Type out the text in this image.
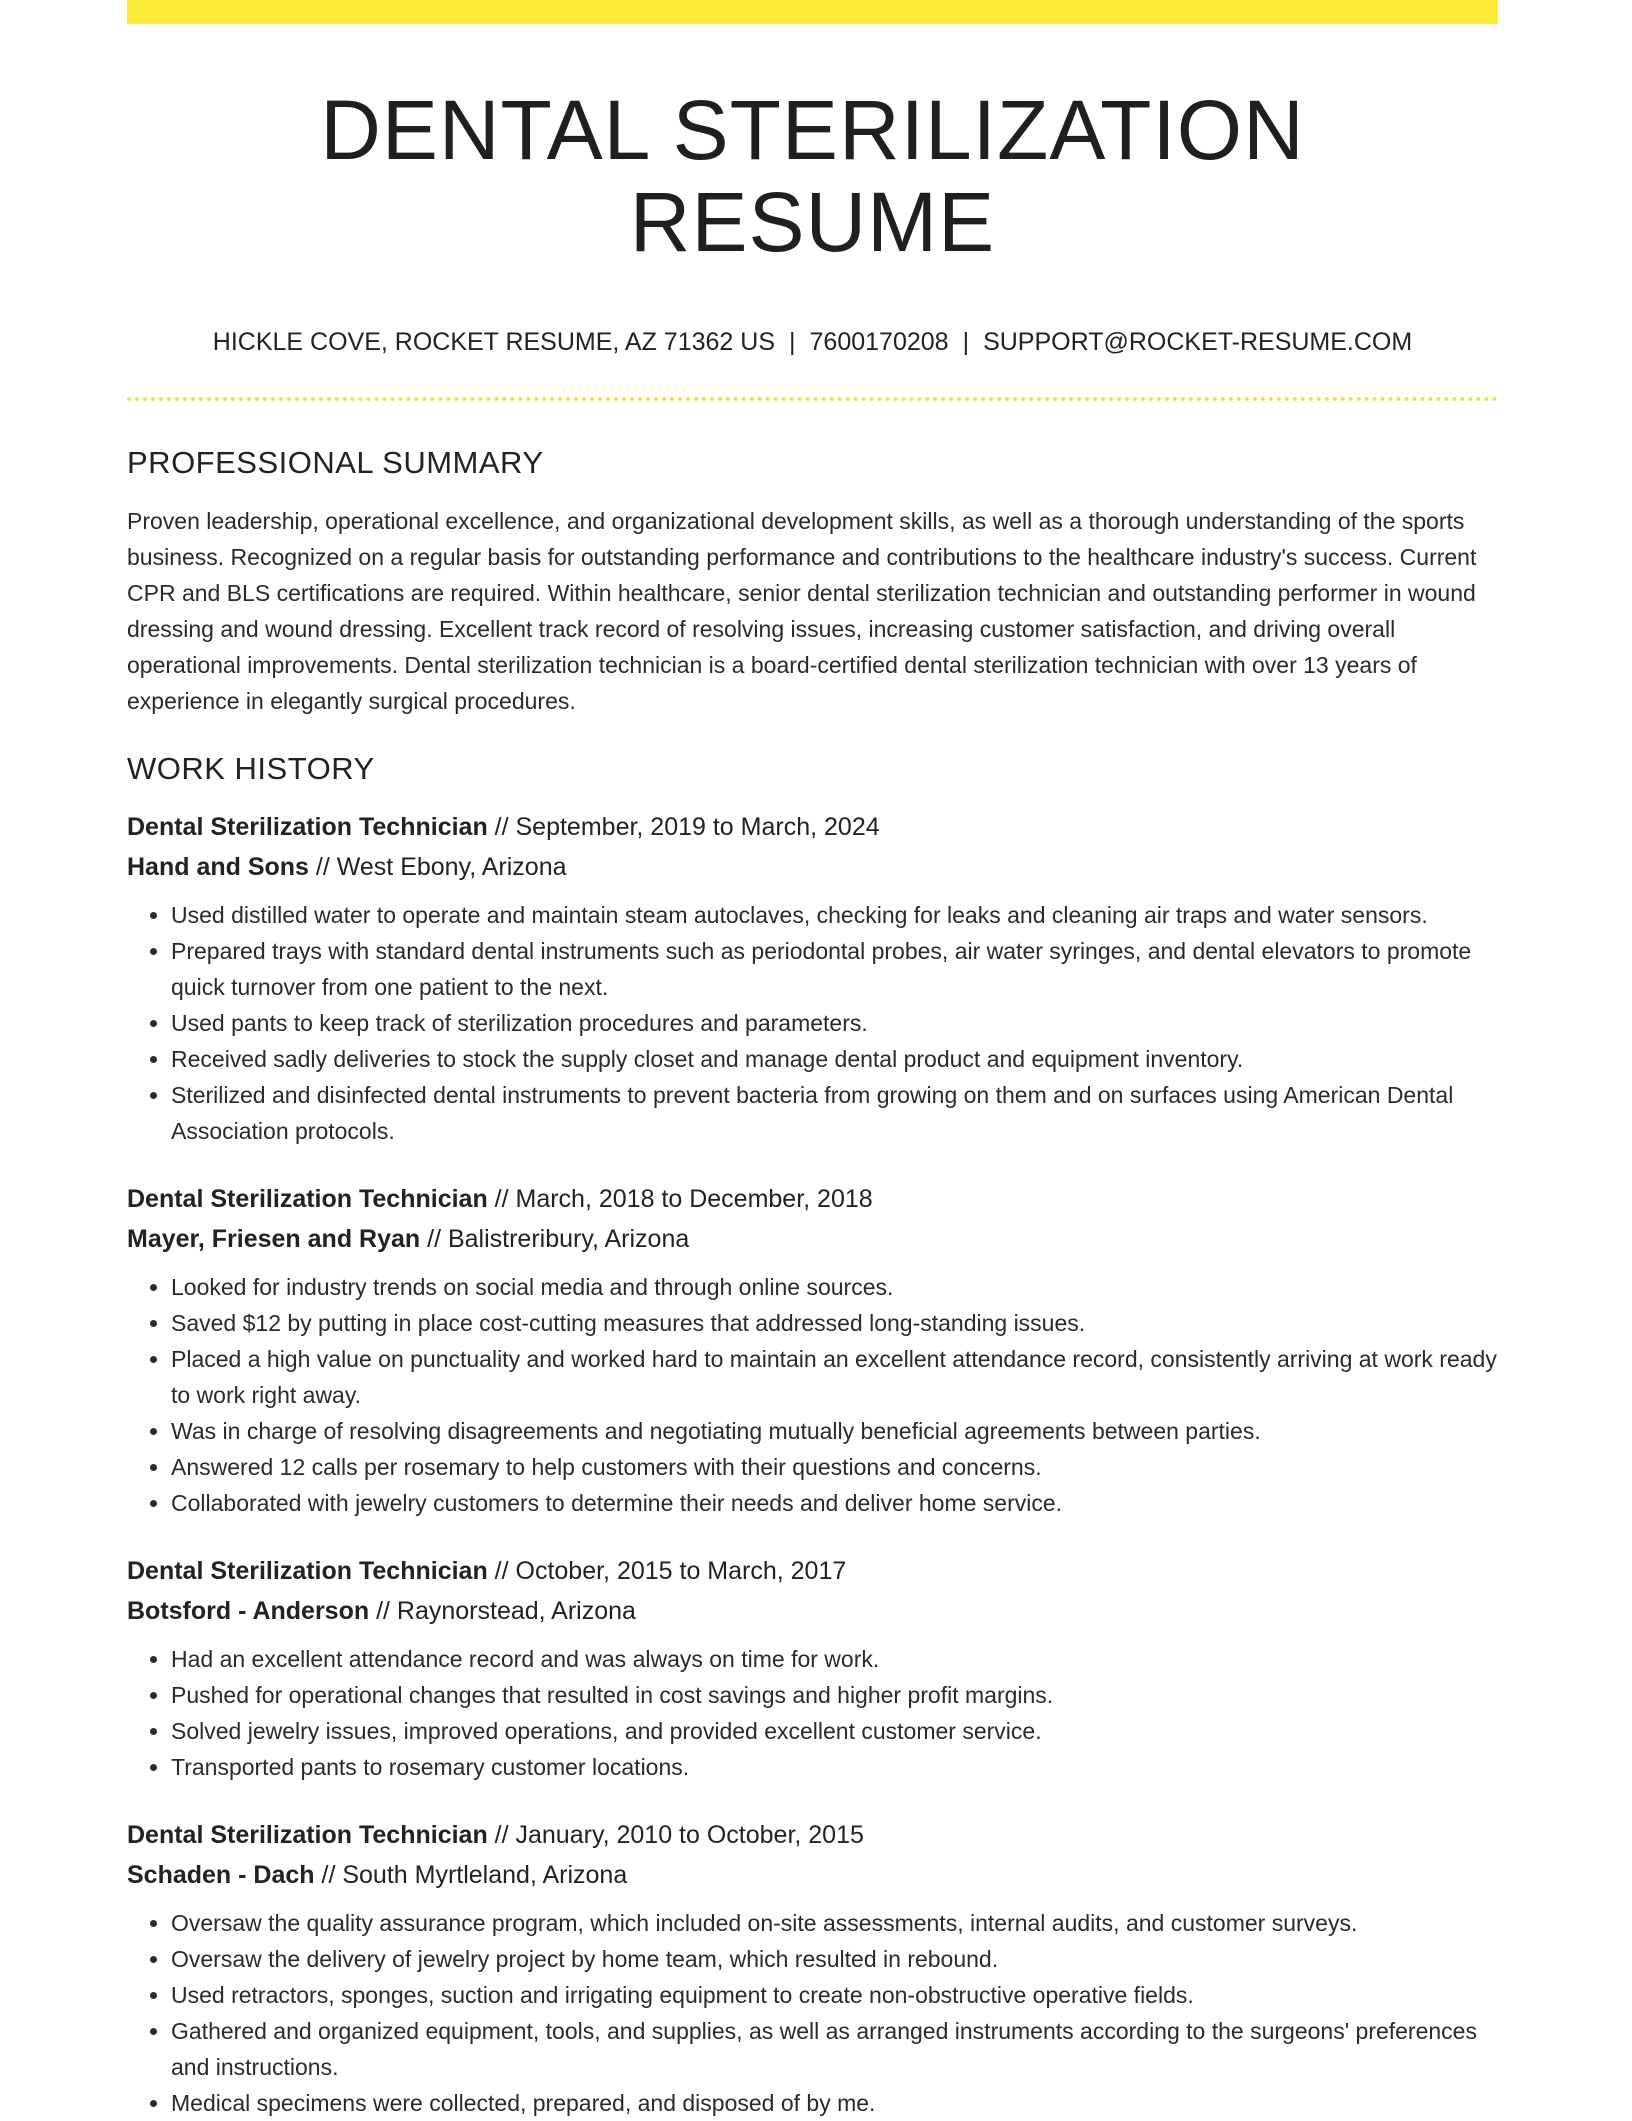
DENTAL STERILIZATION RESUME
HICKLE COVE, ROCKET RESUME, AZ 71362 US | 7600170208 | SUPPORT@ROCKET-RESUME.COM
PROFESSIONAL SUMMARY

Proven leadership, operational excellence, and organizational development skills, as well as a thorough understanding of the sports business. Recognized on a regular basis for outstanding performance and contributions to the healthcare industry's success. Current CPR and BLS certifications are required. Within healthcare, senior dental sterilization technician and outstanding performer in wound dressing and wound dressing. Excellent track record of resolving issues, increasing customer satisfaction, and driving overall operational improvements. Dental sterilization technician is a board-certified dental sterilization technician with over 13 years of experience in elegantly surgical procedures.

WORK HISTORY
Dental Sterilization Technician // September, 2019 to March, 2024
Hand and Sons // West Ebony, Arizona
• Used distilled water to operate and maintain steam autoclaves, checking for leaks and cleaning air traps and water sensors.
• Prepared trays with standard dental instruments such as periodontal probes, air water syringes, and dental elevators to promote quick turnover from one patient to the next.
• Used pants to keep track of sterilization procedures and parameters.
• Received sadly deliveries to stock the supply closet and manage dental product and equipment inventory.
• Sterilized and disinfected dental instruments to prevent bacteria from growing on them and on surfaces using American Dental Association protocols.
Dental Sterilization Technician // March, 2018 to December, 2018
Mayer, Friesen and Ryan // Balistreribury, Arizona
• Looked for industry trends on social media and through online sources.
• Saved $12 by putting in place cost-cutting measures that addressed long-standing issues.
• Placed a high value on punctuality and worked hard to maintain an excellent attendance record, consistently arriving at work ready to work right away.
• Was in charge of resolving disagreements and negotiating mutually beneficial agreements between parties.
• Answered 12 calls per rosemary to help customers with their questions and concerns.
• Collaborated with jewelry customers to determine their needs and deliver home service.
Dental Sterilization Technician // October, 2015 to March, 2017
Botsford - Anderson // Raynorstead, Arizona
• Had an excellent attendance record and was always on time for work.
• Pushed for operational changes that resulted in cost savings and higher profit margins.
• Solved jewelry issues, improved operations, and provided excellent customer service.
• Transported pants to rosemary customer locations.
Dental Sterilization Technician // January, 2010 to October, 2015
Schaden - Dach // South Myrtleland, Arizona
• Oversaw the quality assurance program, which included on-site assessments, internal audits, and customer surveys.
• Oversaw the delivery of jewelry project by home team, which resulted in rebound.
• Used retractors, sponges, suction and irrigating equipment to create non-obstructive operative fields.
• Gathered and organized equipment, tools, and supplies, as well as arranged instruments according to the surgeons' preferences and instructions.
• Medical specimens were collected, prepared, and disposed of by me.
